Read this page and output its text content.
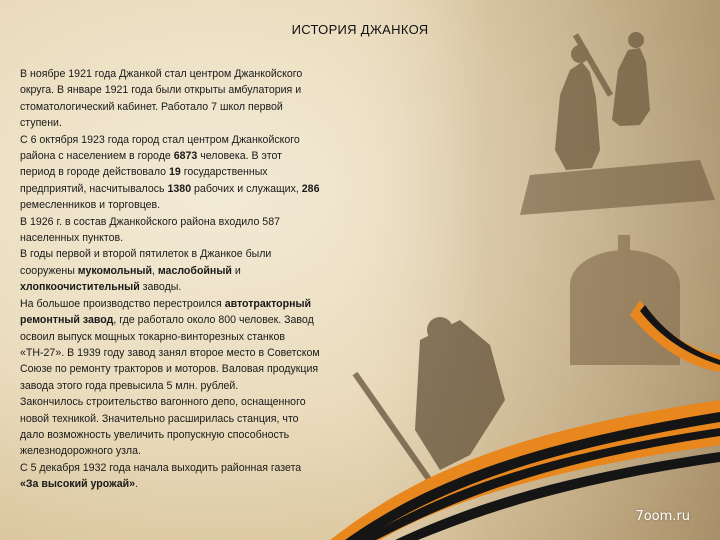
ИСТОРИЯ ДЖАНКОЯ

В ноябре 1921 года Джанкой стал центром Джанкойского округа. В январе 1921 года были открыты амбулатория и стоматологический кабинет. Работало 7 школ первой ступени.

С 6 октября 1923 года город стал центром Джанкойского района с населением в городе 6873 человека. В этот период в городе действовало 19 государственных предприятий, насчитывалось 1380 рабочих и служащих, 286 ремесленников и торговцев.

В 1926 г. в состав Джанкойского района входило 587 населенных пунктов.

В годы первой и второй пятилеток в Джанкое были сооружены мукомольный, маслобойный и хлопкоочистительный заводы.

На большое производство перестроился автотракторный ремонтный завод, где работало около 800 человек. Завод освоил выпуск мощных токарно-винторезных станков «ТН-27». В 1939 году завод занял второе место в Советском Союзе по ремонту тракторов и моторов. Валовая продукция завода этого года превысила 5 млн. рублей.

Закончилось строительство вагонного депо, оснащенного новой техникой. Значительно расширилась станция, что дало возможность увеличить пропускную способность железнодорожного узла.

С 5 декабря 1932 года начала выходить районная газета «За высокий урожай».

7oom.ru
